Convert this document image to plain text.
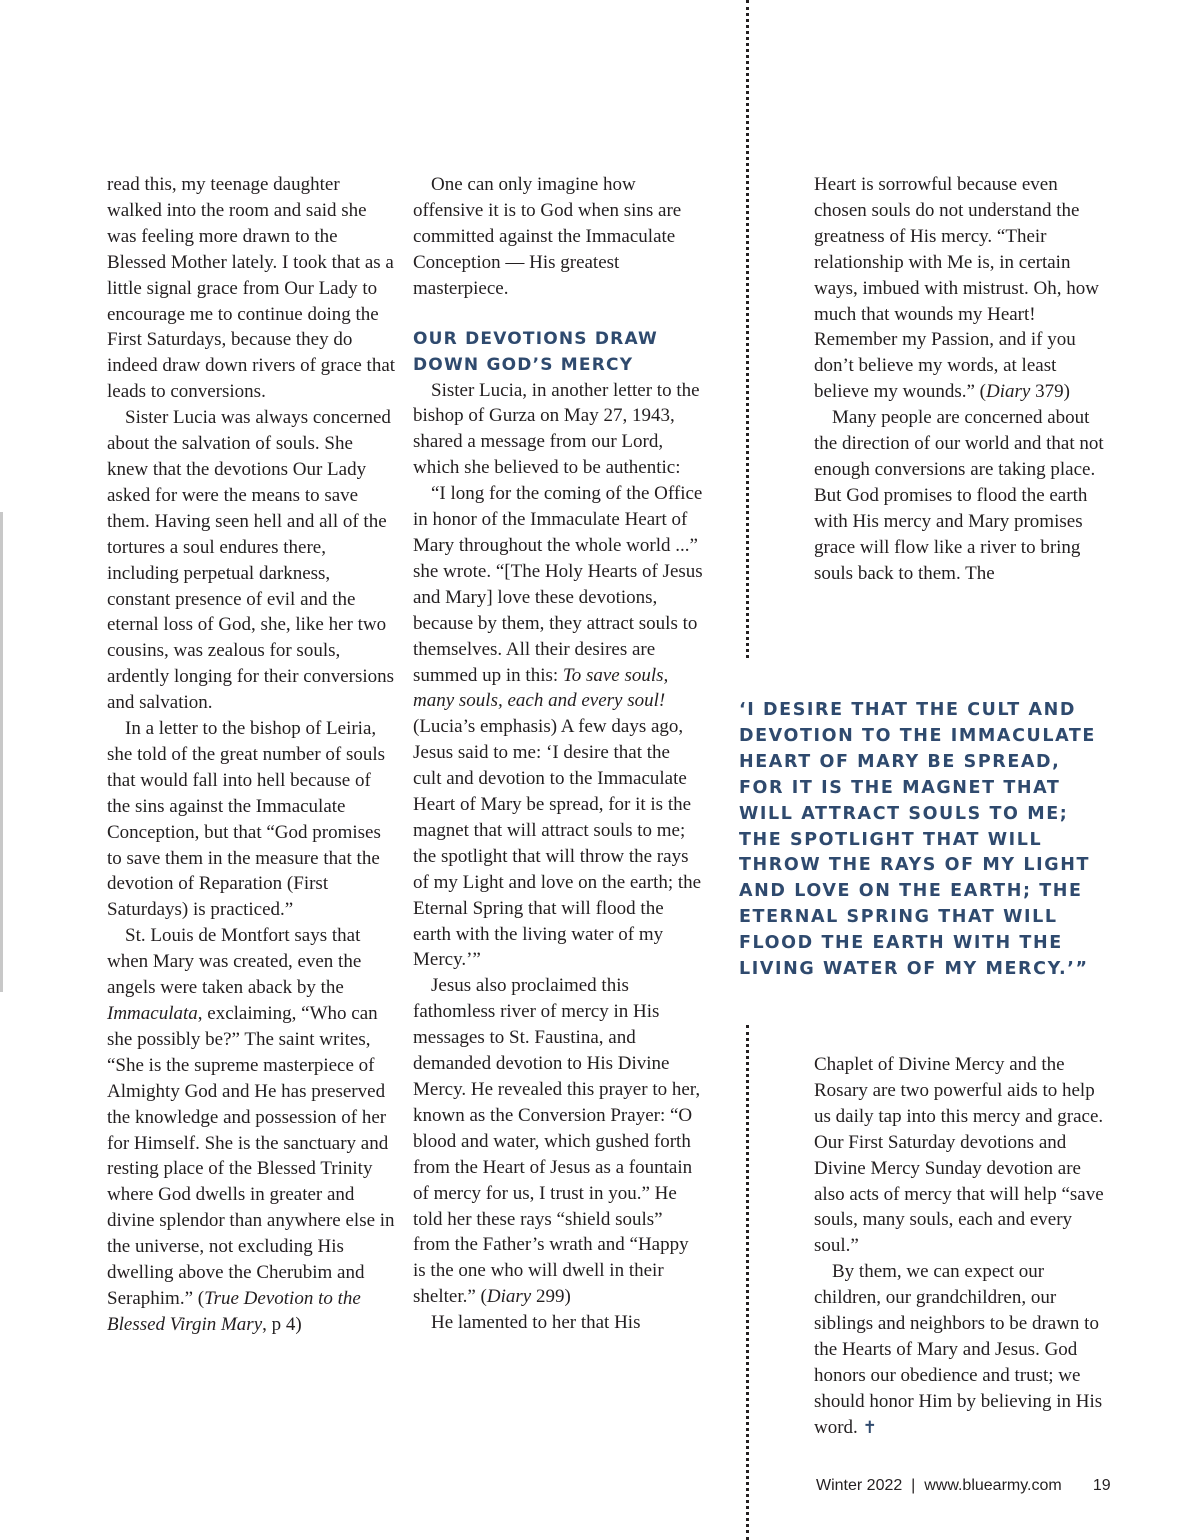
read this, my teenage daughter walked into the room and said she was feeling more drawn to the Blessed Mother lately. I took that as a little signal grace from Our Lady to encourage me to continue doing the First Saturdays, because they do indeed draw down rivers of grace that leads to conversions.

Sister Lucia was always concerned about the salvation of souls. She knew that the devotions Our Lady asked for were the means to save them. Having seen hell and all of the tortures a soul endures there, including perpetual darkness, constant presence of evil and the eternal loss of God, she, like her two cousins, was zealous for souls, ardently longing for their conversions and salvation.

In a letter to the bishop of Leiria, she told of the great number of souls that would fall into hell because of the sins against the Immaculate Conception, but that “God promises to save them in the measure that the devotion of Reparation (First Saturdays) is practiced.”

St. Louis de Montfort says that when Mary was created, even the angels were taken aback by the Immaculata, exclaiming, “Who can she possibly be?” The saint writes, “She is the supreme masterpiece of Almighty God and He has preserved the knowledge and possession of her for Himself. She is the sanctuary and resting place of the Blessed Trinity where God dwells in greater and divine splendor than anywhere else in the universe, not excluding His dwelling above the Cherubim and Seraphim.” (True Devotion to the Blessed Virgin Mary, p 4)

One can only imagine how offensive it is to God when sins are committed against the Immaculate Conception — His greatest masterpiece.

OUR DEVOTIONS DRAW DOWN GOD’S MERCY

Sister Lucia, in another letter to the bishop of Gurza on May 27, 1943, shared a message from our Lord, which she believed to be authentic:

“I long for the coming of the Office in honor of the Immaculate Heart of Mary throughout the whole world ...” she wrote. “[The Holy Hearts of Jesus and Mary] love these devotions, because by them, they attract souls to themselves. All their desires are summed up in this: To save souls, many souls, each and every soul! (Lucia’s emphasis) A few days ago, Jesus said to me: ‘I desire that the cult and devotion to the Immaculate Heart of Mary be spread, for it is the magnet that will attract souls to me; the spotlight that will throw the rays of my Light and love on the earth; the Eternal Spring that will flood the earth with the living water of my Mercy.’”

Jesus also proclaimed this fathomless river of mercy in His messages to St. Faustina, and demanded devotion to His Divine Mercy. He revealed this prayer to her, known as the Conversion Prayer: “O blood and water, which gushed forth from the Heart of Jesus as a fountain of mercy for us, I trust in you.” He told her these rays “shield souls” from the Father’s wrath and “Happy is the one who will dwell in their shelter.” (Diary 299)

He lamented to her that His

Heart is sorrowful because even chosen souls do not understand the greatness of His mercy. “Their relationship with Me is, in certain ways, imbued with mistrust. Oh, how much that wounds my Heart! Remember my Passion, and if you don’t believe my words, at least believe my wounds.” (Diary 379)

Many people are concerned about the direction of our world and that not enough conversions are taking place. But God promises to flood the earth with His mercy and Mary promises grace will flow like a river to bring souls back to them. The

‘I DESIRE THAT THE CULT AND DEVOTION TO THE IMMACULATE HEART OF MARY BE SPREAD, FOR IT IS THE MAGNET THAT WILL ATTRACT SOULS TO ME; THE SPOTLIGHT THAT WILL THROW THE RAYS OF MY LIGHT AND LOVE ON THE EARTH; THE ETERNAL SPRING THAT WILL FLOOD THE EARTH WITH THE LIVING WATER OF MY MERCY.’”

Chaplet of Divine Mercy and the Rosary are two powerful aids to help us daily tap into this mercy and grace. Our First Saturday devotions and Divine Mercy Sunday devotion are also acts of mercy that will help “save souls, many souls, each and every soul.”

By them, we can expect our children, our grandchildren, our siblings and neighbors to be drawn to the Hearts of Mary and Jesus. God honors our obedience and trust; we should honor Him by believing in His word. ✝

Winter 2022 | www.bluearmy.com 19
